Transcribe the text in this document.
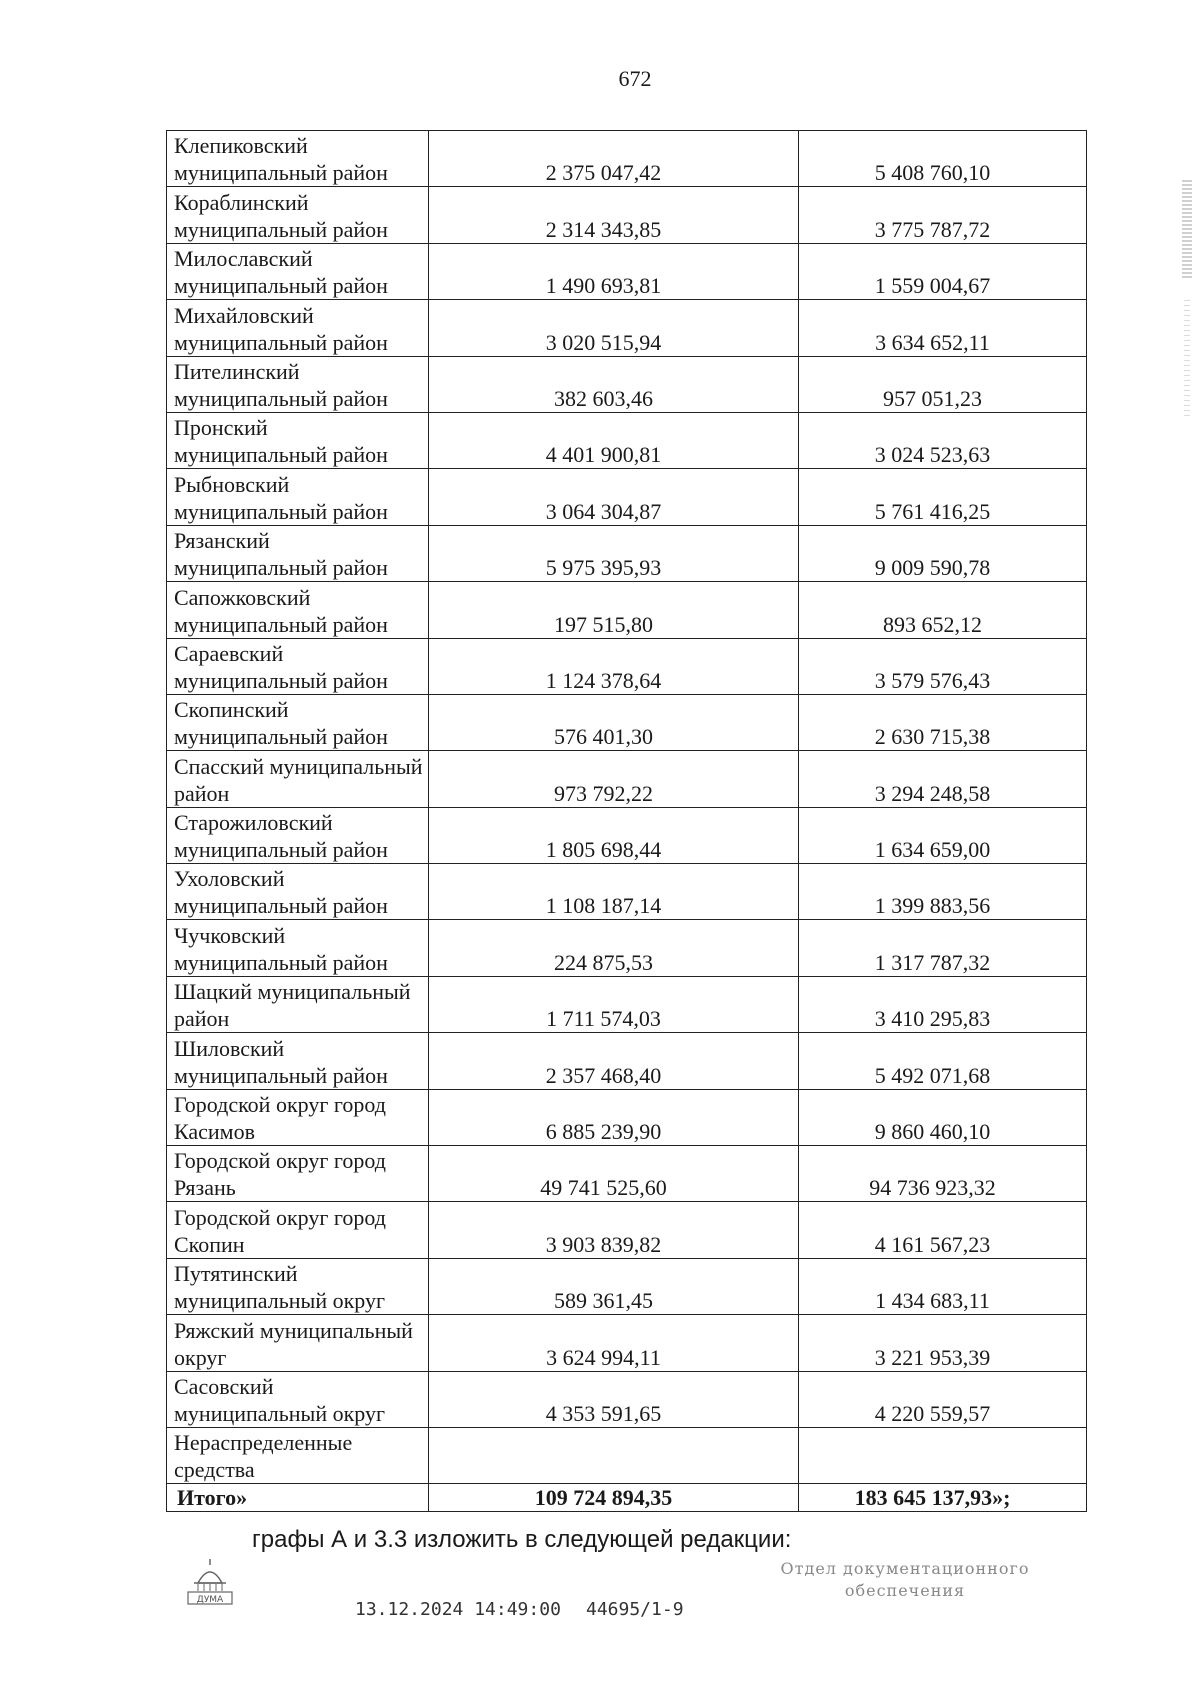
672
Клепиковский муниципальный район	2 375 047,42	5 408 760,10
Кораблинский муниципальный район	2 314 343,85	3 775 787,72
Милославский муниципальный район	1 490 693,81	1 559 004,67
Михайловский муниципальный район	3 020 515,94	3 634 652,11
Пителинский муниципальный район	382 603,46	957 051,23
Пронский муниципальный район	4 401 900,81	3 024 523,63
Рыбновский муниципальный район	3 064 304,87	5 761 416,25
Рязанский муниципальный район	5 975 395,93	9 009 590,78
Сапожковский муниципальный район	197 515,80	893 652,12
Сараевский муниципальный район	1 124 378,64	3 579 576,43
Скопинский муниципальный район	576 401,30	2 630 715,38
Спасский муниципальный район	973 792,22	3 294 248,58
Старожиловский муниципальный район	1 805 698,44	1 634 659,00
Ухоловский муниципальный район	1 108 187,14	1 399 883,56
Чучковский муниципальный район	224 875,53	1 317 787,32
Шацкий муниципальный район	1 711 574,03	3 410 295,83
Шиловский муниципальный район	2 357 468,40	5 492 071,68
Городской округ город Касимов	6 885 239,90	9 860 460,10
Городской округ город Рязань	49 741 525,60	94 736 923,32
Городской округ город Скопин	3 903 839,82	4 161 567,23
Путятинский муниципальный округ	589 361,45	1 434 683,11
Ряжский муниципальный округ	3 624 994,11	3 221 953,39
Сасовский муниципальный округ	4 353 591,65	4 220 559,57
Нераспределенные средства		
Итого»	109 724 894,35	183 645 137,93»;
графы А и 3.3 изложить в следующей редакции:
ДУМА	13.12.2024 14:49:00 44695/1-9
Отдел документационного
обеспечения
